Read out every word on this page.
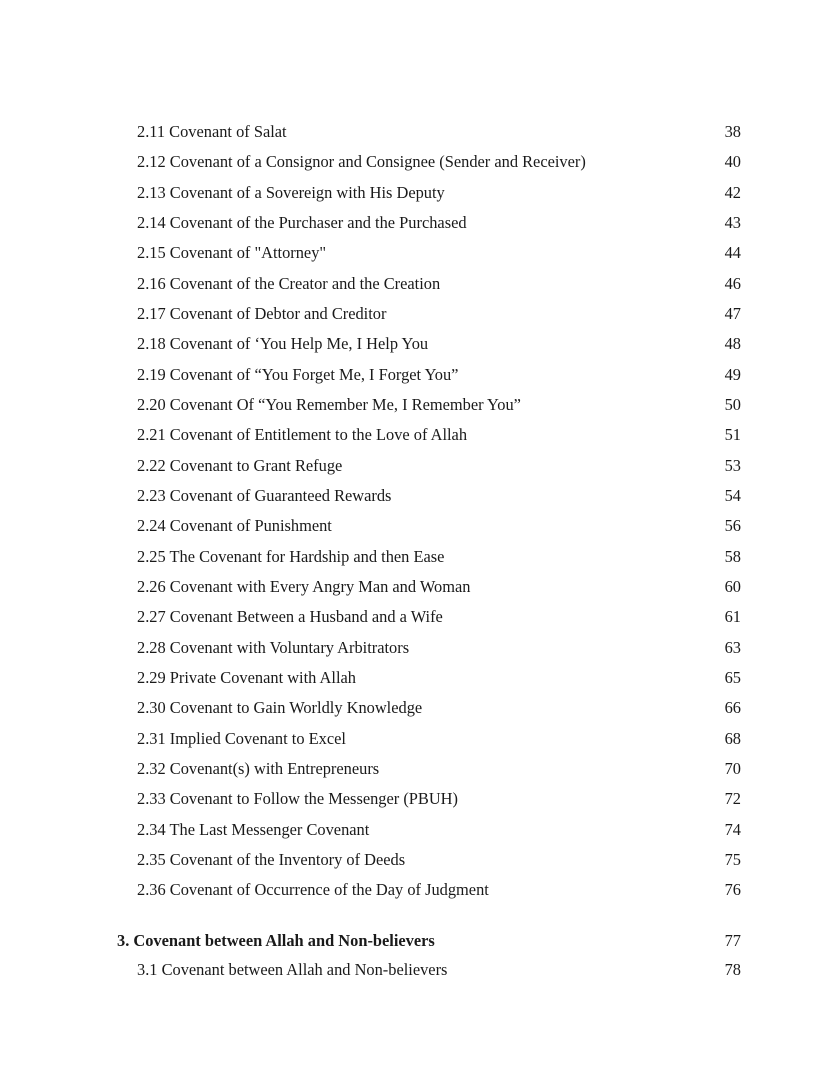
2.11 Covenant of Salat	38
2.12 Covenant of a Consignor and Consignee (Sender and Receiver)	40
2.13 Covenant of a Sovereign with His Deputy	42
2.14 Covenant of the Purchaser and the Purchased	43
2.15 Covenant of "Attorney"	44
2.16 Covenant of the Creator and the Creation	46
2.17 Covenant of Debtor and Creditor	47
2.18 Covenant of ‘You Help Me, I Help You	48
2.19 Covenant of “You Forget Me, I Forget You”	49
2.20 Covenant Of “You Remember Me, I Remember You”	50
2.21 Covenant of Entitlement to the Love of Allah	51
2.22 Covenant to Grant Refuge	53
2.23 Covenant of Guaranteed Rewards	54
2.24 Covenant of Punishment	56
2.25 The Covenant for Hardship and then Ease	58
2.26 Covenant with Every Angry Man and Woman	60
2.27 Covenant Between a Husband and a Wife	61
2.28 Covenant with Voluntary Arbitrators	63
2.29 Private Covenant with Allah	65
2.30 Covenant to Gain Worldly Knowledge	66
2.31 Implied Covenant to Excel	68
2.32 Covenant(s) with Entrepreneurs	70
2.33 Covenant to Follow the Messenger (PBUH)	72
2.34 The Last Messenger Covenant	74
2.35 Covenant of the Inventory of Deeds	75
2.36 Covenant of Occurrence of the Day of Judgment	76
3. Covenant between Allah and Non-believers	77
3.1 Covenant between Allah and Non-believers	78
